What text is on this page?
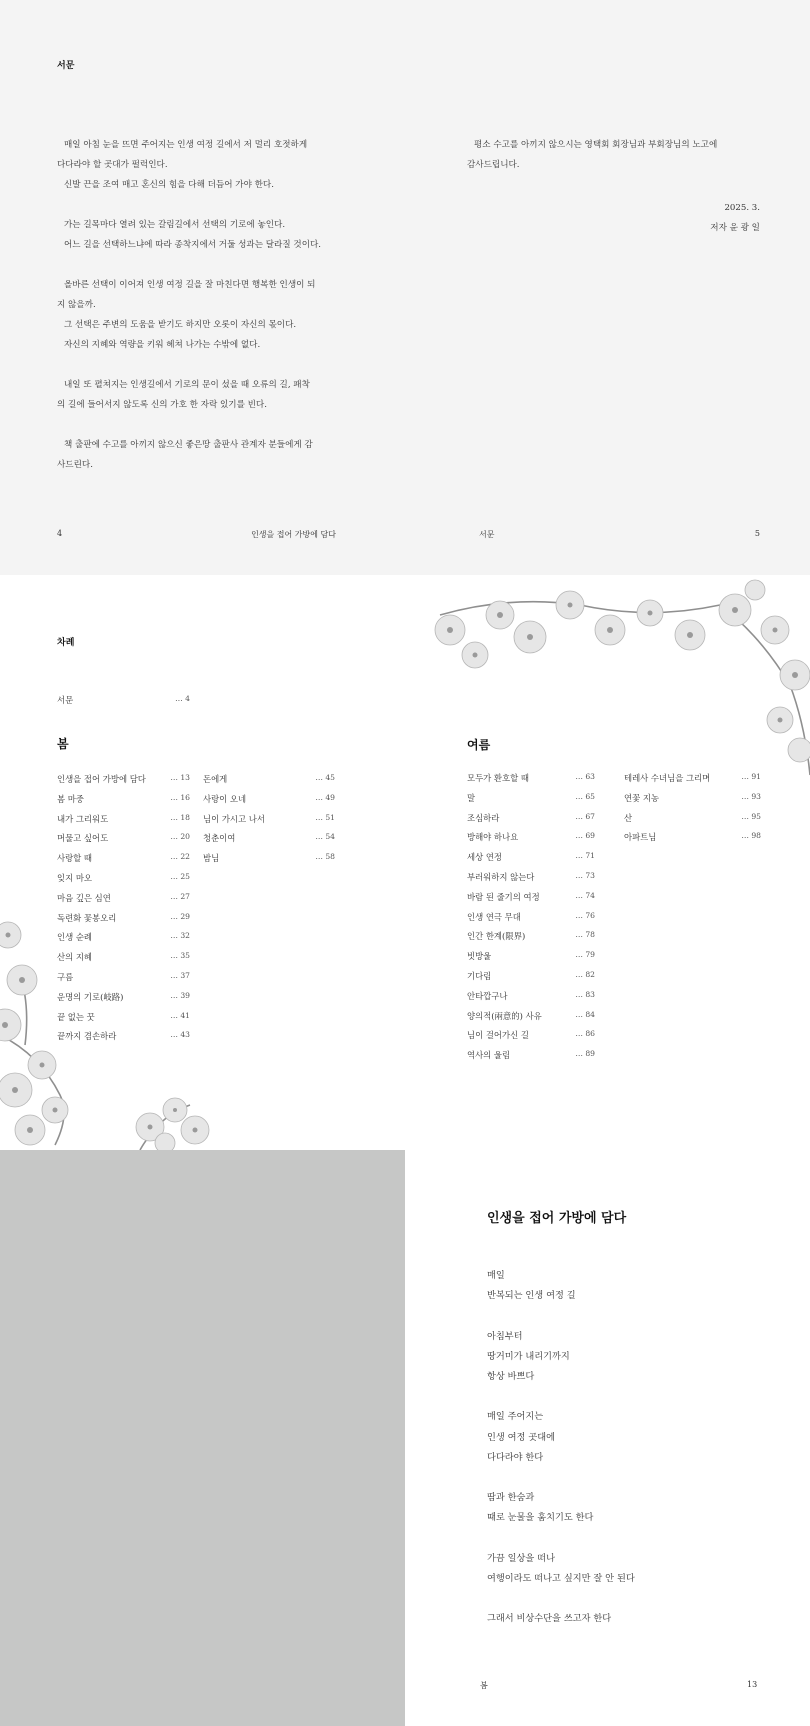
서문

매일 아침 눈을 뜨면 주어지는 인생 여정 길에서 저 멀리 호젓하게

다다라야 할 곳대가 펄럭인다.

신발 끈을 조여 매고 혼신의 힘을 다해 더듬어 가야 한다.

가는 길목마다 열려 있는 갈림길에서 선택의 기로에 놓인다.

어느 길을 선택하느냐에 따라 종착지에서 거둘 성과는 달라질 것이다.

올바른 선택이 이어져 인생 여정 길을 잘 마친다면 행복한 인생이 되

지 않을까.

그 선택은 주변의 도움을 받기도 하지만 오롯이 자신의 몫이다.

자신의 지혜와 역량을 키워 헤쳐 나가는 수밖에 없다.

내일 또 펼쳐지는 인생길에서 기로의 문이 섰을 때 오류의 길, 패착

의 길에 들어서지 않도록 신의 가호 한 자락 있기를 빈다.

책 출판에 수고를 아끼지 않으신 좋은땅 출판사 관계자 분들에게 감

사드린다.

4	인생을 접어 가방에 담다

평소 수고를 아끼지 않으시는 영택회 회장님과 부회장님의 노고에

감사드립니다.

2025. 3.
저자 윤 광 일
서문	5
차례
서문	… 4
봄
인생을 접어 가방에 담다	… 13
봄 마중	… 16
내가 그리워도	… 18
머물고 싶어도	… 20
사랑할 때	… 22
잊지 마오	… 25
마음 깊은 심연	… 27
독련화 꽃봉오리	… 29
인생 순례	… 32
산의 지혜	… 35
구름	… 37
운명의 기로(岐路)	… 39
끝 없는 꿋	… 41
끝까지 겸손하라	… 43
돈에게	… 45
사랑이 오네	… 49
님이 가시고 나서	… 51
청춘이여	… 54
밤님	… 58
여름
모두가 환호할 때	… 63
말	… 65
조심하라	… 67
방해야 하나요	… 69
세상 연정	… 71
부러워하지 않는다	… 73
바람 된 줄기의 여정	… 74
인생 연극 무대	… 76
인간 한계(限界)	… 78
빗방울	… 79
기다림	… 82
안타깝구나	… 83
양의적(兩意的) 사유	… 84
님이 걸어가신 길	… 86
역사의 울림	… 89
테레사 수녀님을 그리며	… 91
연꽃 지농	… 93
산	… 95
아파트님	… 98
인생을 접어 가방에 담다

매일

반복되는 인생 여정 길

아침부터

땅거미가 내리기까지

항상 바쁘다

매일 주어지는

인생 여정 곳대에

다다라야 한다

땀과 한숨과

때로 눈물을 훔치기도 한다

가끔 일상을 떠나

여행이라도 떠나고 싶지만 잘 안 된다

그래서 비상수단을 쓰고자 한다

봄	13
